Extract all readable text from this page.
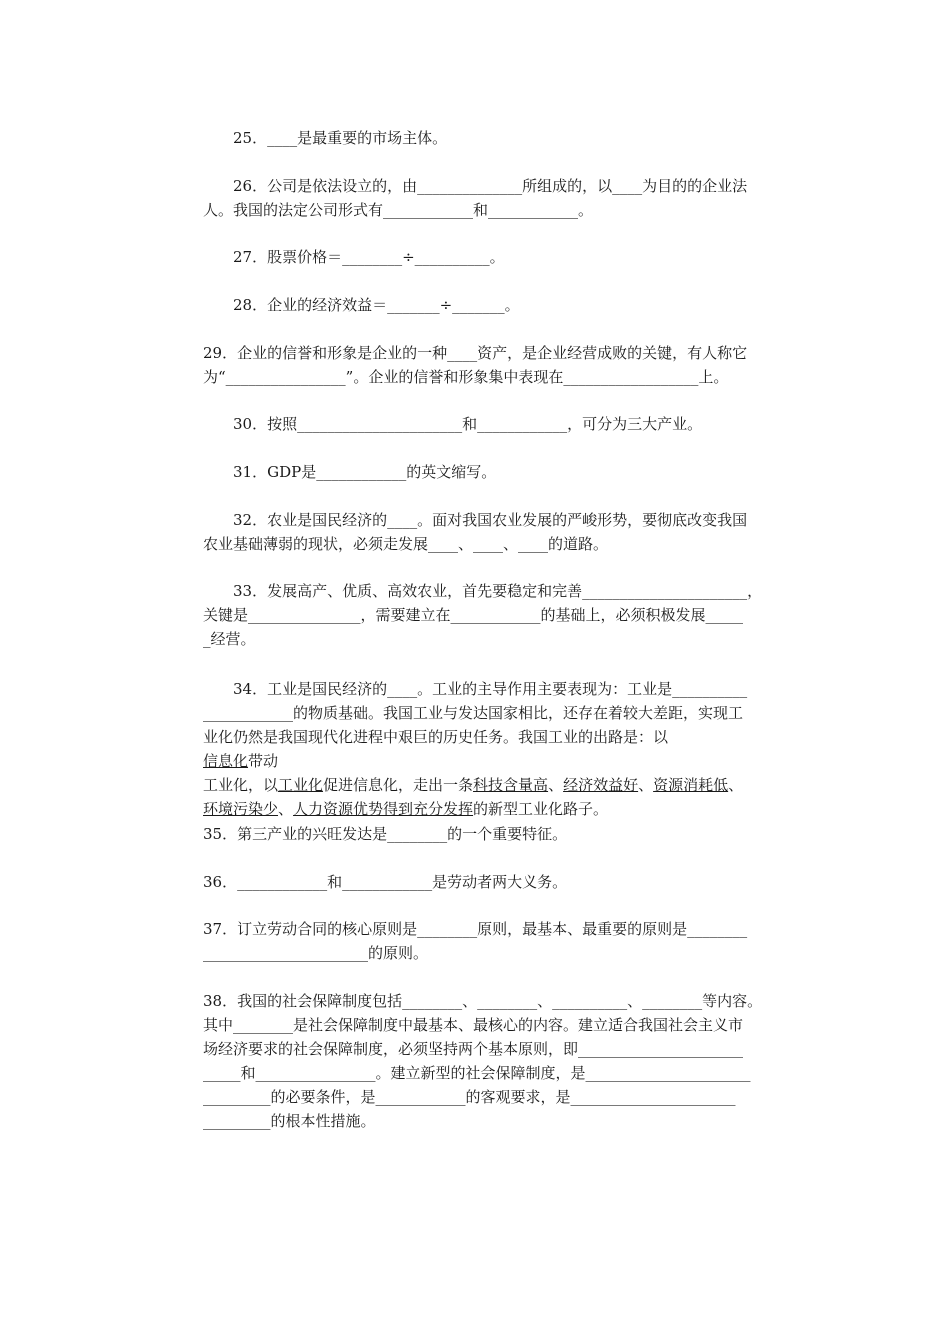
25．____是最重要的市场主体。

26．公司是依法设立的，由______________所组成的，以____为目的的企业法
人。我国的法定公司形式有____________和____________。

27．股票价格＝________÷__________。

28．企业的经济效益＝_______÷_______。

29．企业的信誉和形象是企业的一种____资产，是企业经营成败的关键，有人称它
为“________________”。企业的信誉和形象集中表现在__________________上。

30．按照______________________和____________，可分为三大产业。

31．GDP是____________的英文缩写。

32．农业是国民经济的____。面对我国农业发展的严峻形势，要彻底改变我国
农业基础薄弱的现状，必须走发展____、____、____的道路。

33．发展高产、优质、高效农业，首先要稳定和完善______________________，
关键是_______________，需要建立在____________的基础上，必须积极发展_____
_经营。

34．工业是国民经济的____。工业的主导作用主要表现为：工业是__________
____________的物质基础。我国工业与发达国家相比，还存在着较大差距，实现工
业化仍然是我国现代化进程中艰巨的历史任务。我国工业的出路是：以
信息化带动
工业化，以工业化促进信息化，走出一条科技含量高、经济效益好、资源消耗低、
环境污染少、人力资源优势得到充分发挥的新型工业化路子。

35．第三产业的兴旺发达是________的一个重要特征。

36．____________和____________是劳动者两大义务。

37．订立劳动合同的核心原则是________原则，最基本、最重要的原则是________
______________________的原则。

38．我国的社会保障制度包括________、________、__________、________等内容。
其中________是社会保障制度中最基本、最核心的内容。建立适合我国社会主义市
场经济要求的社会保障制度，必须坚持两个基本原则，即______________________
_____和________________。建立新型的社会保障制度，是______________________
_________的必要条件，是____________的客观要求，是______________________
_________的根本性措施。
